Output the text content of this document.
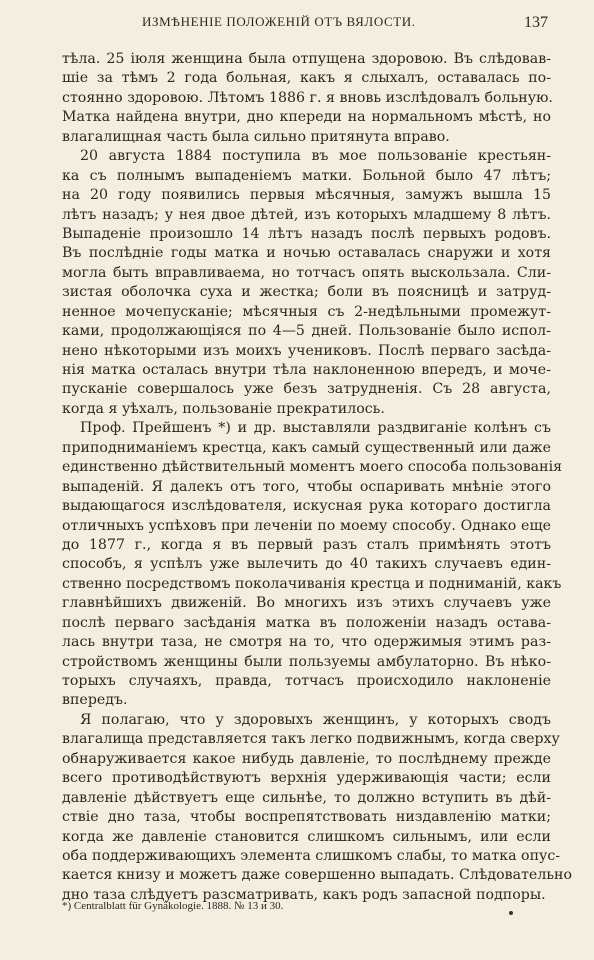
ИЗМѢНЕНІЕ ПОЛОЖЕНІЙ ОТЪ ВЯЛОСТИ.	137
тѣла. 25 іюля женщина была отпущена здоровою. Въ слѣдовав-
шіе за тѣмъ 2 года больная, какъ я слыхалъ, оставалась по-
стоянно здоровою. Лѣтомъ 1886 г. я вновь изслѣдовалъ больную.
Матка найдена внутри, дно кпереди на нормальномъ мѣстѣ, но
влагалищная часть была сильно притянута вправо.
20 августа 1884 поступила въ мое пользованіе крестьян-
ка съ полнымъ выпаденіемъ матки. Больной было 47 лѣтъ;
на 20 году появились первыя мѣсячныя, замужъ вышла 15
лѣтъ назадъ; у нея двое дѣтей, изъ которыхъ младшему 8 лѣтъ.
Выпаденіе произошло 14 лѣтъ назадъ послѣ первыхъ родовъ.
Въ послѣдніе годы матка и ночью оставалась снаружи и хотя
могла быть вправливаема, но тотчасъ опять выскользала. Сли-
зистая оболочка суха и жестка; боли въ поясницѣ и затруд-
ненное мочепусканіе; мѣсячныя съ 2-недѣльными промежут-
ками, продолжающіяся по 4—5 дней. Пользованіе было испол-
нено нѣкоторыми изъ моихъ учениковъ. Послѣ перваго засѣда-
нія матка осталась внутри тѣла наклоненною впередъ, и моче-
пусканіе совершалось уже безъ затрудненія. Съ 28 августа,
когда я уѣхалъ, пользованіе прекратилось.
Проф. Прейшенъ *) и др. выставляли раздвиганіе колѣнъ съ
приподниманіемъ крестца, какъ самый существенный или даже
единственно дѣйствительный моментъ моего способа пользованія
выпаденій. Я далекъ отъ того, чтобы оспаривать мнѣніе этого
выдающагося изслѣдователя, искусная рука котораго достигла
отличныхъ успѣховъ при леченіи по моему способу. Однако еще
до 1877 г., когда я въ первый разъ сталъ примѣнять этотъ
способъ, я успѣлъ уже вылечить до 40 такихъ случаевъ един-
ственно посредствомъ поколачиванія крестца и подниманій, какъ
главнѣйшихъ движеній. Во многихъ изъ этихъ случаевъ уже
послѣ перваго засѣданія матка въ положеніи назадъ остава-
лась внутри таза, не смотря на то, что одержимыя этимъ раз-
стройствомъ женщины были пользуемы амбулаторно. Въ нѣко-
торыхъ случаяхъ, правда, тотчасъ происходило наклоненіе
впередъ.
Я полагаю, что у здоровыхъ женщинъ, у которыхъ сводъ
влагалища представляется такъ легко подвижнымъ, когда сверху
обнаруживается какое нибудь давленіе, то послѣднему прежде
всего противодѣйствуютъ верхнія удерживающія части; если
давленіе дѣйствуетъ еще сильнѣе, то должно вступить въ дѣй-
ствіе дно таза, чтобы воспрепятствовать низдавленію матки;
когда же давленіе становится слишкомъ сильнымъ, или если
оба поддерживающихъ элемента слишкомъ слабы, то матка опус-
кается книзу и можетъ даже совершенно выпадать. Слѣдовательно
дно таза слѣдуетъ разсматривать, какъ родъ запасной подпоры.
*) Centralblatt für Gynäkologie. 1888. № 13 и 30.
